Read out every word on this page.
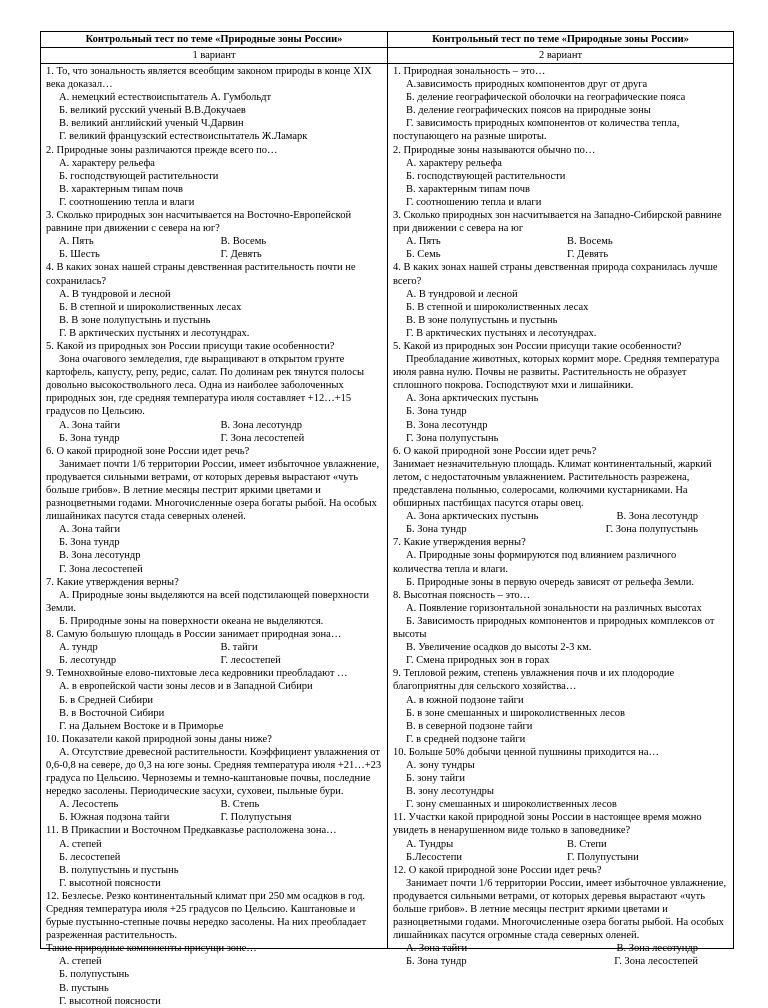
Контрольный тест по теме «Природные зоны России»
1 вариант

1. То, что зональность является всеобщим законом природы в конце XIX века доказал…

А. немецкий естествоиспытатель А. Гумбольдт

Б. великий русский ученый В.В.Докучаев

В. великий английский ученый Ч.Дарвин

Г. великий французский естествоиспытатель Ж.Ламарк

2. Природные зоны различаются прежде всего по…

А. характеру рельефа

Б. господствующей растительности

В. характерным типам почв

Г. соотношению тепла и влаги

3. Сколько природных зон насчитывается на Восточно-Европейской равнине при движении с севера на юг?

А. Пять	В. Восемь
Б. Шесть	Г. Девять

4. В каких зонах нашей страны девственная растительность почти не сохранилась?

А. В тундровой и лесной

Б. В степной и широколиственных лесах

В. В зоне полупустынь и пустынь

Г. В арктических пустынях и лесотундрах.

5. Какой из природных зон России присущи такие особенности?

Зона очагового земледелия, где выращивают в открытом грунте картофель, капусту, репу, редис, салат. По долинам рек тянутся полосы довольно высокоствольного леса. Одна из наиболее заболоченных природных зон, где средняя температура июля составляет +12…+15 градусов по Цельсию.

А. Зона тайги	В. Зона лесотундр
Б. Зона тундр	Г. Зона лесостепей

6. О какой природной зоне России идет речь?

Занимает почти 1/6 территории России, имеет избыточное увлажнение, продувается сильными ветрами, от которых деревья вырастают «чуть больше грибов». В летние месяцы пестрит яркими цветами и разноцветными годами. Многочисленные озера богаты рыбой. На особых лишайниках пасутся стада северных оленей.

А. Зона тайги

Б. Зона тундр

В. Зона лесотундр

Г. Зона лесостепей

7. Какие утверждения верны?

А. Природные зоны выделяются на всей подстилающей поверхности Земли.

Б. Природные зоны на поверхности океана не выделяются.

8. Самую большую площадь в России занимает природная зона…

А. тундр	В. тайги
Б. лесотундр	Г. лесостепей

9. Темнохвойные елово-пихтовые леса кедровники преобладают …

А. в европейской части зоны лесов и в Западной Сибири

Б. в Средней Сибири

В. в Восточной Сибири

Г. на Дальнем Востоке и в Приморье

10. Показатели какой природной зоны даны ниже?

А. Отсутствие древесной растительности. Коэффициент увлажнения от 0,6-0,8 на севере, до 0,3 на юге зоны. Средняя температура июля +21…+23 градуса по Цельсию. Черноземы и темно-каштановые почвы, последние нередко засолены. Периодические засухи, суховеи, пыльные бури.

А. Лесостепь	В. Степь
Б. Южная подзона тайги	Г. Полупустыня

11. В Прикаспии и Восточном Предкавказье расположена зона…

А. степей

Б. лесостепей

В. полупустынь и пустынь

Г. высотной поясности

12. Безлесье. Резко континентальный климат при 250 мм осадков в год. Средняя температура июля +25 градусов по Цельсию. Каштановые и бурые пустынно-степные почвы нередко засолены. На них преобладает разреженная растительность.

Такие природные компоненты присущи зоне…

А. степей

Б. полупустынь

В. пустынь

Г. высотной поясности

Контрольный тест по теме «Природные зоны России»
2 вариант

1. Природная зональность – это…

А.зависимость природных компонентов друг от друга

Б. деление географической оболочки на географические пояса

В. деление географических поясов на природные зоны

Г. зависимость природных компонентов от количества тепла, поступающего на разные широты.

2. Природные зоны называются обычно по…

А. характеру рельефа

Б. господствующей растительности

В. характерным типам почв

Г. соотношению тепла и влаги

3. Сколько природных зон насчитывается на Западно-Сибирской равнине при движении с севера на юг

А. Пять	В. Восемь
Б. Семь	Г. Девять

4. В каких зонах нашей страны девственная природа сохранилась лучше всего?

А. В тундровой и лесной

Б. В степной и широколиственных лесах

В. В зоне полупустынь и пустынь

Г. В арктических пустынях и лесотундрах.

5. Какой из природных зон России присущи такие особенности?

Преобладание животных, которых кормит море. Средняя температура июля равна нулю. Почвы не развиты. Растительность не образует сплошного покрова. Господствуют мхи и лишайники.

А. Зона арктических пустынь

Б. Зона тундр

В. Зона лесотундр

Г. Зона полупустынь

6. О какой природной зоне России идет речь?

Занимает незначительную площадь. Климат континентальный, жаркий летом, с недостаточным увлажнением. Растительность разрежена, представлена полынью, солеросами, колючими кустарниками. На обширных пастбищах пасутся отары овец.

А. Зона арктических пустынь	В. Зона лесотундр
Б. Зона тундр	Г. Зона полупустынь

7. Какие утверждения верны?

А. Природные зоны формируются под влиянием различного количества тепла и влаги.

Б. Природные зоны в первую очередь зависят от рельефа Земли.

8. Высотная поясность – это…

А. Появление горизонтальной зональности на различных высотах

Б. Зависимость природных компонентов и природных комплексов от высоты

В. Увеличение осадков до высоты 2-3 км.

Г. Смена природных зон в горах

9. Тепловой режим, степень увлажнения почв и их плодородие благоприятны для сельского хозяйства…

А. в южной подзоне тайги

Б. в зоне смешанных и широколиственных лесов

В. в северной подзоне тайги

Г. в средней подзоне тайги

10. Больше 50% добычи ценной пушнины приходится на…

А. зону тундры

Б. зону тайги

В. зону лесотундры

Г. зону смешанных и широколиственных лесов

11. Участки какой природной зоны России в настоящее время можно увидеть в ненарушенном виде только в заповеднике?

А. Тундры	В. Степи
Б.Лесостепи	Г. Полупустыни

12. О какой природной зоне России идет речь?

Занимает почти 1/6 территории России, имеет избыточное увлажнение, продувается сильными ветрами, от которых деревья вырастают «чуть больше грибов». В летние месяцы пестрит яркими цветами и разноцветными годами. Многочисленные озера богаты рыбой. На особых лишайниках пасутся огромные стада северных оленей.

А. Зона тайги	В. Зона лесотундр
Б. Зона тундр	Г. Зона лесостепей
